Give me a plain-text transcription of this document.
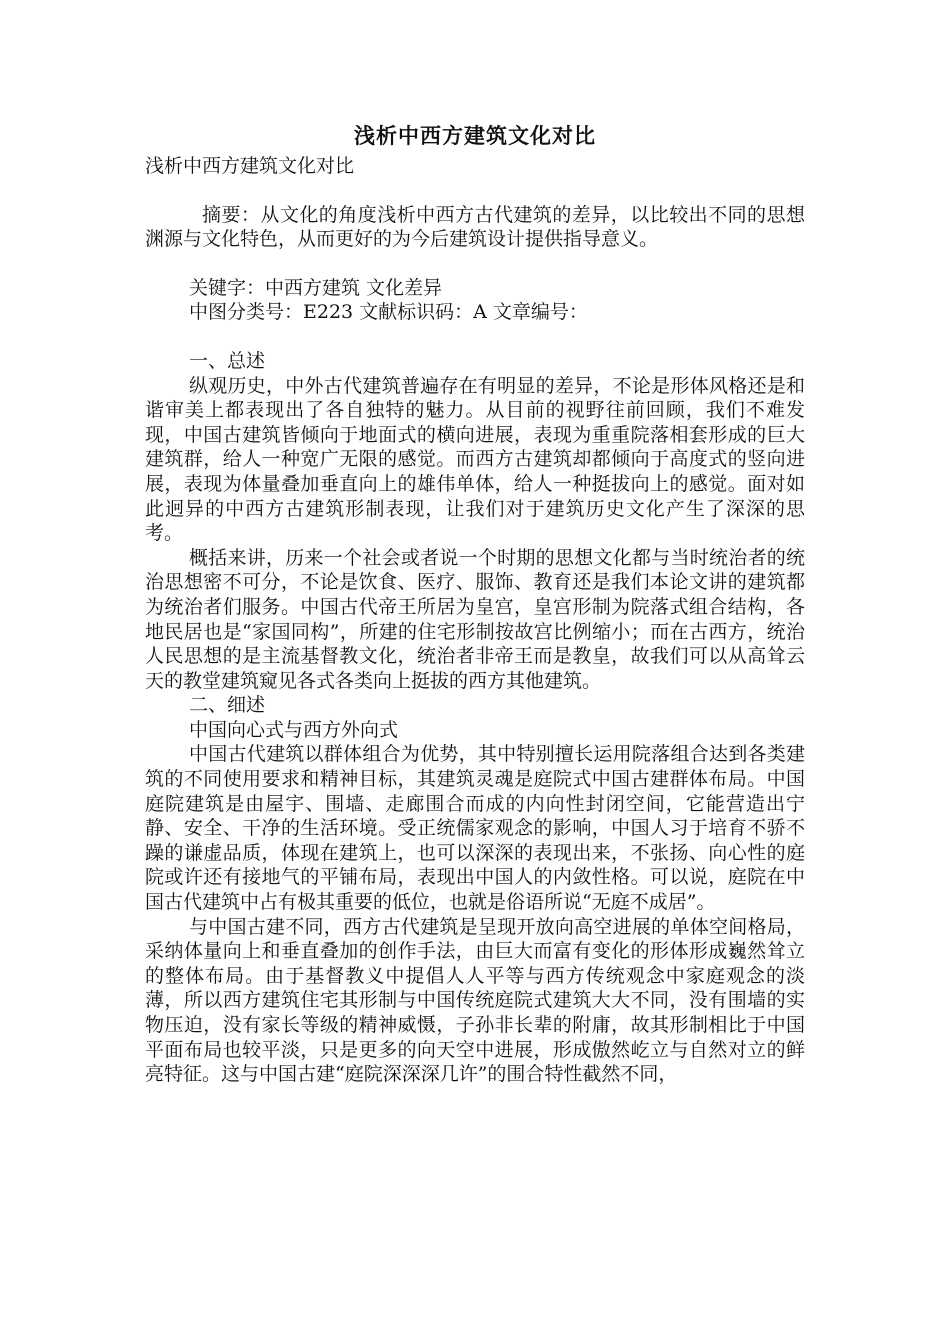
浅析中西方建筑文化对比

浅析中西方建筑文化对比

摘要：从文化的角度浅析中西方古代建筑的差异，以比较出不同的思想渊源与文化特色，从而更好的为今后建筑设计提供指导意义。

关键字：中西方建筑 文化差异

中图分类号：E223 文献标识码：A 文章编号：

一、总述

纵观历史，中外古代建筑普遍存在有明显的差异，不论是形体风格还是和谐审美上都表现出了各自独特的魅力。从目前的视野往前回顾，我们不难发现，中国古建筑皆倾向于地面式的横向进展，表现为重重院落相套形成的巨大建筑群，给人一种宽广无限的感觉。而西方古建筑却都倾向于高度式的竖向进展，表现为体量叠加垂直向上的雄伟单体，给人一种挺拔向上的感觉。面对如此迥异的中西方古建筑形制表现，让我们对于建筑历史文化产生了深深的思考。

概括来讲，历来一个社会或者说一个时期的思想文化都与当时统治者的统治思想密不可分，不论是饮食、医疗、服饰、教育还是我们本论文讲的建筑都为统治者们服务。中国古代帝王所居为皇宫，皇宫形制为院落式组合结构，各地民居也是“家国同构”，所建的住宅形制按故宫比例缩小；而在古西方，统治人民思想的是主流基督教文化，统治者非帝王而是教皇，故我们可以从高耸云天的教堂建筑窥见各式各类向上挺拔的西方其他建筑。

二、细述

中国向心式与西方外向式

中国古代建筑以群体组合为优势，其中特别擅长运用院落组合达到各类建筑的不同使用要求和精神目标，其建筑灵魂是庭院式中国古建群体布局。中国庭院建筑是由屋宇、围墙、走廊围合而成的内向性封闭空间，它能营造出宁静、安全、干净的生活环境。受正统儒家观念的影响，中国人习于培育不骄不躁的谦虚品质，体现在建筑上，也可以深深的表现出来，不张扬、向心性的庭院或许还有接地气的平铺布局，表现出中国人的内敛性格。可以说，庭院在中国古代建筑中占有极其重要的低位，也就是俗语所说“无庭不成居”。

与中国古建不同，西方古代建筑是呈现开放向高空进展的单体空间格局，采纳体量向上和垂直叠加的创作手法，由巨大而富有变化的形体形成巍然耸立的整体布局。由于基督教义中提倡人人平等与西方传统观念中家庭观念的淡薄，所以西方建筑住宅其形制与中国传统庭院式建筑大大不同，没有围墙的实物压迫，没有家长等级的精神威慑，子孙非长辈的附庸，故其形制相比于中国平面布局也较平淡，只是更多的向天空中进展，形成傲然屹立与自然对立的鲜亮特征。这与中国古建“庭院深深深几许”的围合特性截然不同，
